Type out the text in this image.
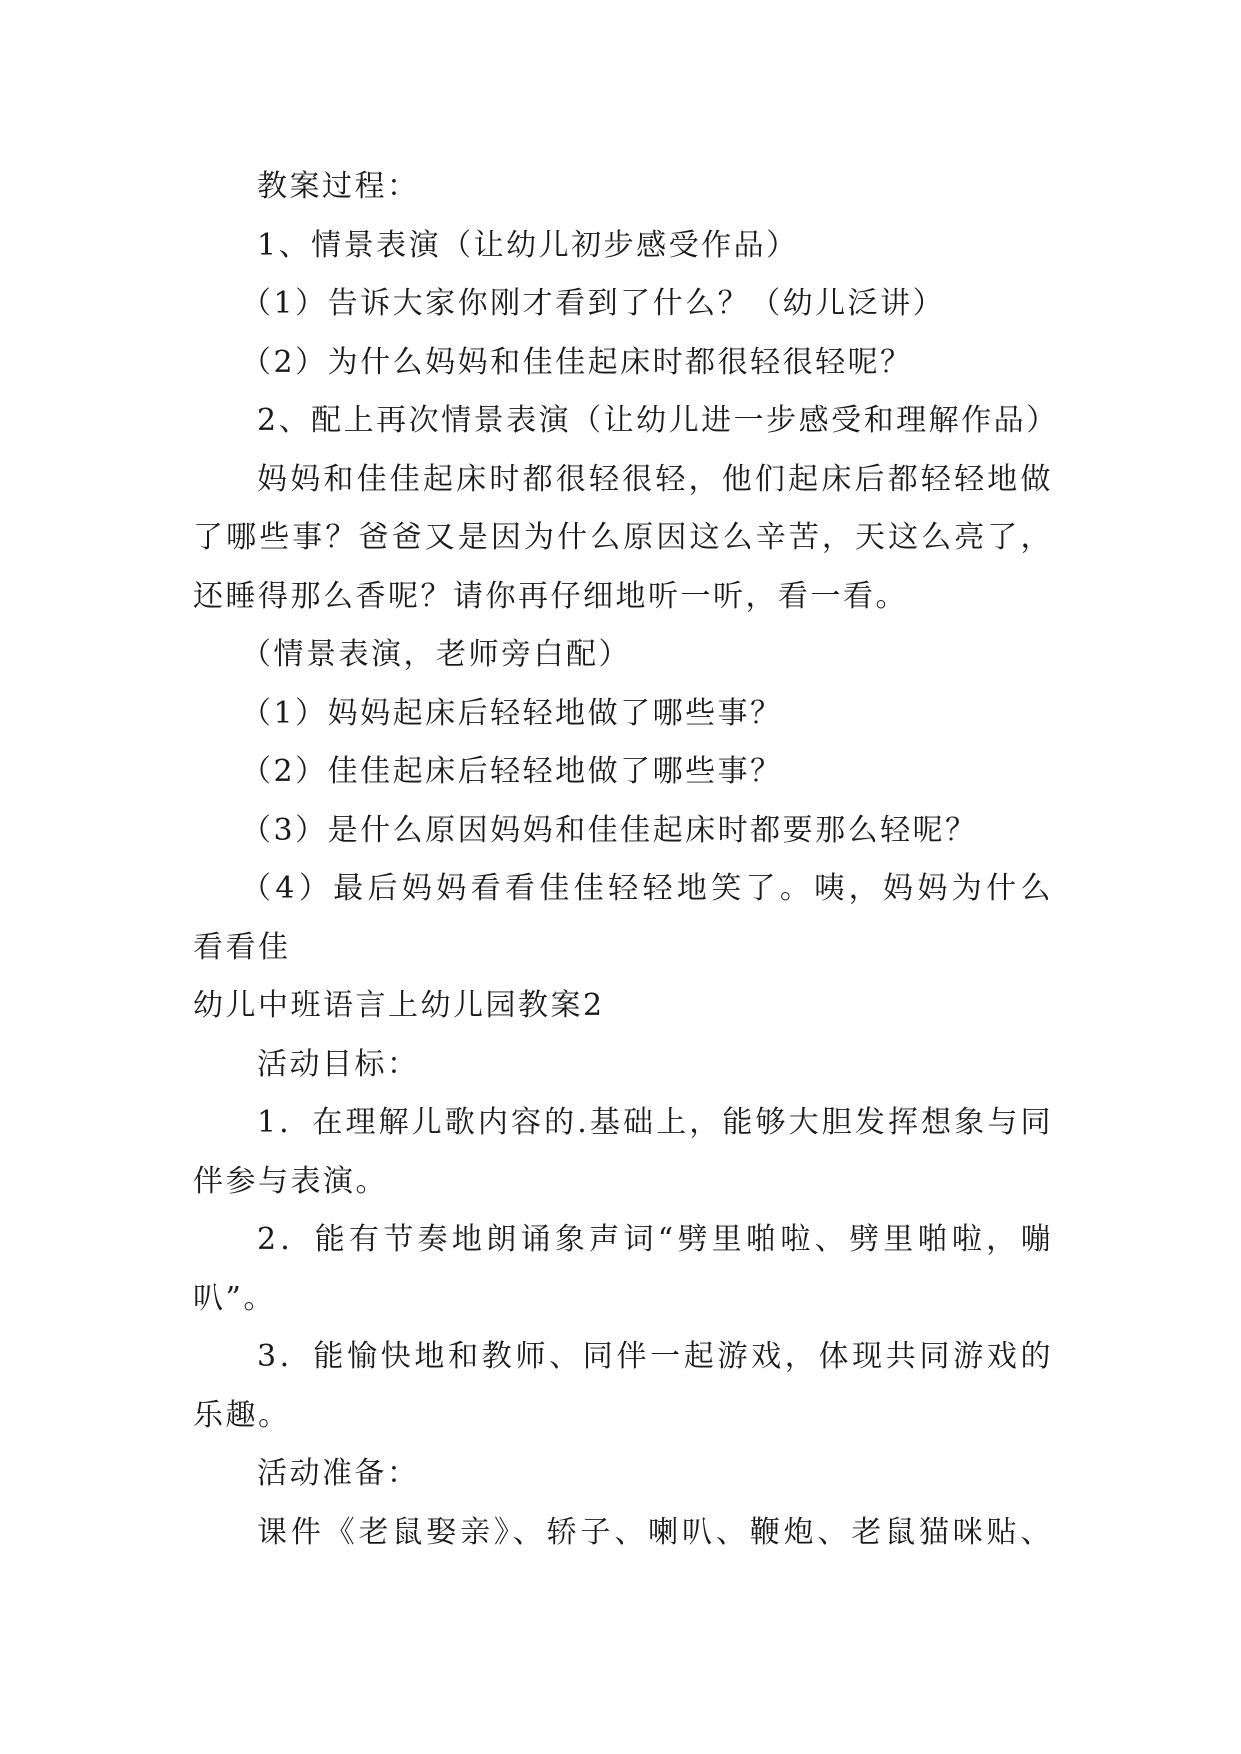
教案过程：
1、情景表演（让幼儿初步感受作品）
（1）告诉大家你刚才看到了什么？（幼儿泛讲）
（2）为什么妈妈和佳佳起床时都很轻很轻呢？
2、配上再次情景表演（让幼儿进一步感受和理解作品）
妈妈和佳佳起床时都很轻很轻，他们起床后都轻轻地做
了哪些事？爸爸又是因为什么原因这么辛苦，天这么亮了，
还睡得那么香呢？请你再仔细地听一听，看一看。
（情景表演，老师旁白配）
（1）妈妈起床后轻轻地做了哪些事？
（2）佳佳起床后轻轻地做了哪些事？
（3）是什么原因妈妈和佳佳起床时都要那么轻呢？
（4）最后妈妈看看佳佳轻轻地笑了。咦，妈妈为什么
看看佳
幼儿中班语言上幼儿园教案2
活动目标：
1．在理解儿歌内容的.基础上，能够大胆发挥想象与同
伴参与表演。
2．能有节奏地朗诵象声词“劈里啪啦、劈里啪啦，嘣
叭”。
3．能愉快地和教师、同伴一起游戏，体现共同游戏的
乐趣。
活动准备：
课件《老鼠娶亲》、轿子、喇叭、鞭炮、老鼠猫咪贴、
